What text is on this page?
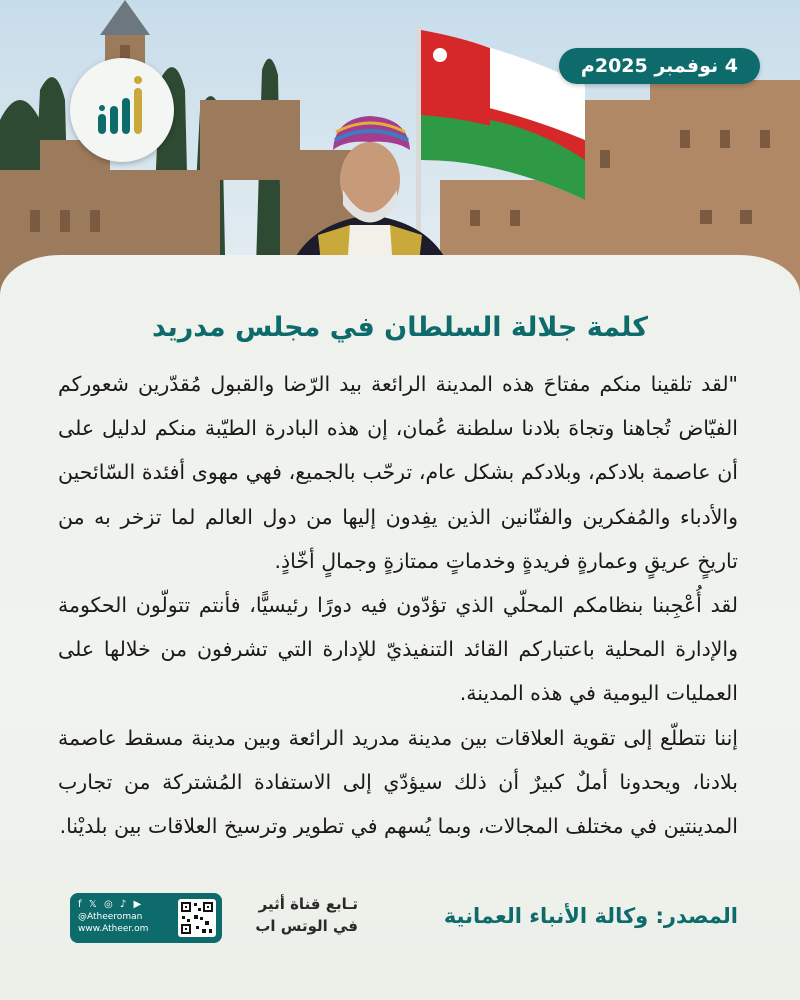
4 نوفمبر 2025م
كلمة جلالة السلطان في مجلس مدريد

"لقد تلقينا منكم مفتاحَ هذه المدينة الرائعة بيد الرّضا والقبول مُقدّرين شعوركم الفيّاض تُجاهنا وتجاهَ بلادنا سلطنة عُمان، إن هذه البادرة الطيّبة منكم لدليل على أن عاصمة بلادكم، وبلادكم بشكل عام، ترحّب بالجميع، فهي مهوى أفئدة السّائحين والأدباء والمُفكرين والفنّانين الذين يفِدون إليها من دول العالم لما تزخر به من تاريخٍ عريقٍ وعمارةٍ فريدةٍ وخدماتٍ ممتازةٍ وجمالٍ أخّاذٍ.

لقد أُعْجِبنا بنظامكم المحلّي الذي تؤدّون فيه دورًا رئيسيًّا، فأنتم تتولّون الحكومة والإدارة المحلية باعتباركم القائد التنفيذيّ للإدارة التي تشرفون من خلالها على العمليات اليومية في هذه المدينة.

إننا نتطلّع إلى تقوية العلاقات بين مدينة مدريد الرائعة وبين مدينة مسقط عاصمة بلادنا، ويحدونا أملٌ كبيرٌ أن ذلك سيؤدّي إلى الاستفادة المُشتركة من تجارب المدينتين في مختلف المجالات، وبما يُسهم في تطوير وترسيخ العلاقات بين بلديْنا.

المصدر: وكالة الأنباء العمانية
تـابع قناة أثير
في الوتس اب
f 𝕏 ◎ ♪ ▶
@Atheeroman
www.Atheer.om
